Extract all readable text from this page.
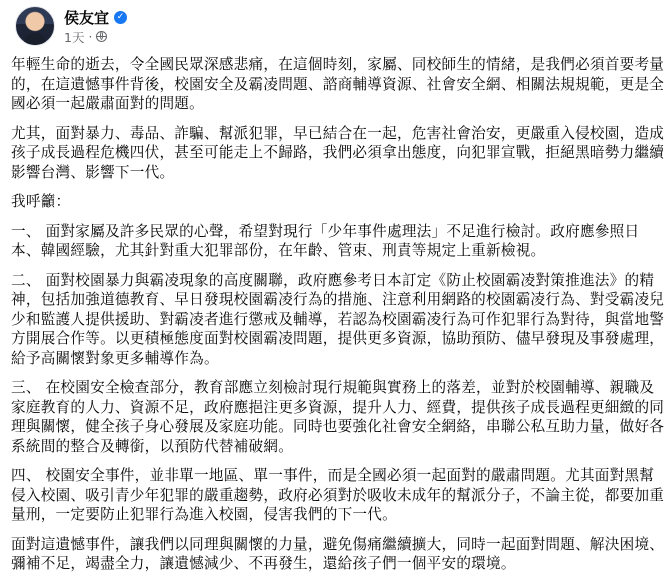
侯友宜 ✓
1天 ·

年輕生命的逝去，令全國民眾深感悲痛，在這個時刻，家屬、同校師生的情緒，是我們必須首要考量的，在這遺憾事件背後，校園安全及霸凌問題、諮商輔導資源、社會安全網、相關法規規範，更是全國必須一起嚴肅面對的問題。

尤其，面對暴力、毒品、詐騙、幫派犯罪，早已結合在一起，危害社會治安，更嚴重入侵校園，造成孩子成長過程危機四伏，甚至可能走上不歸路，我們必須拿出態度，向犯罪宣戰，拒絕黑暗勢力繼續影響台灣、影響下一代。

我呼籲：

一、 面對家屬及許多民眾的心聲，希望對現行「少年事件處理法」不足進行檢討。政府應參照日本、韓國經驗，尤其針對重大犯罪部份，在年齡、管束、刑責等規定上重新檢視。

二、 面對校園暴力與霸凌現象的高度關聯，政府應參考日本訂定《防止校園霸凌對策推進法》的精神，包括加強道德教育、早日發現校園霸凌行為的措施、注意利用網路的校園霸凌行為、對受霸凌兒少和監護人提供援助、對霸凌者進行懲戒及輔導，若認為校園霸凌行為可作犯罪行為對待，與當地警方開展合作等。以更積極態度面對校園霸凌問題，提供更多資源，協助預防、儘早發現及事發處理，給予高關懷對象更多輔導作為。

三、 在校園安全檢查部分，教育部應立刻檢討現行規範與實務上的落差，並對於校園輔導、親職及家庭教育的人力、資源不足，政府應挹注更多資源，提升人力、經費，提供孩子成長過程更細緻的同理與關懷，健全孩子身心發展及家庭功能。同時也要強化社會安全網絡，串聯公私互助力量，做好各系統間的整合及轉銜，以預防代替補破網。

四、 校園安全事件，並非單一地區、單一事件，而是全國必須一起面對的嚴肅問題。尤其面對黑幫侵入校園、吸引青少年犯罪的嚴重趨勢，政府必須對於吸收未成年的幫派分子，不論主從，都要加重量刑，一定要防止犯罪行為進入校園，侵害我們的下一代。

面對這遺憾事件，讓我們以同理與關懷的力量，避免傷痛繼續擴大，同時一起面對問題、解決困境、彌補不足，竭盡全力，讓遺憾減少、不再發生，還給孩子們一個平安的環境。
